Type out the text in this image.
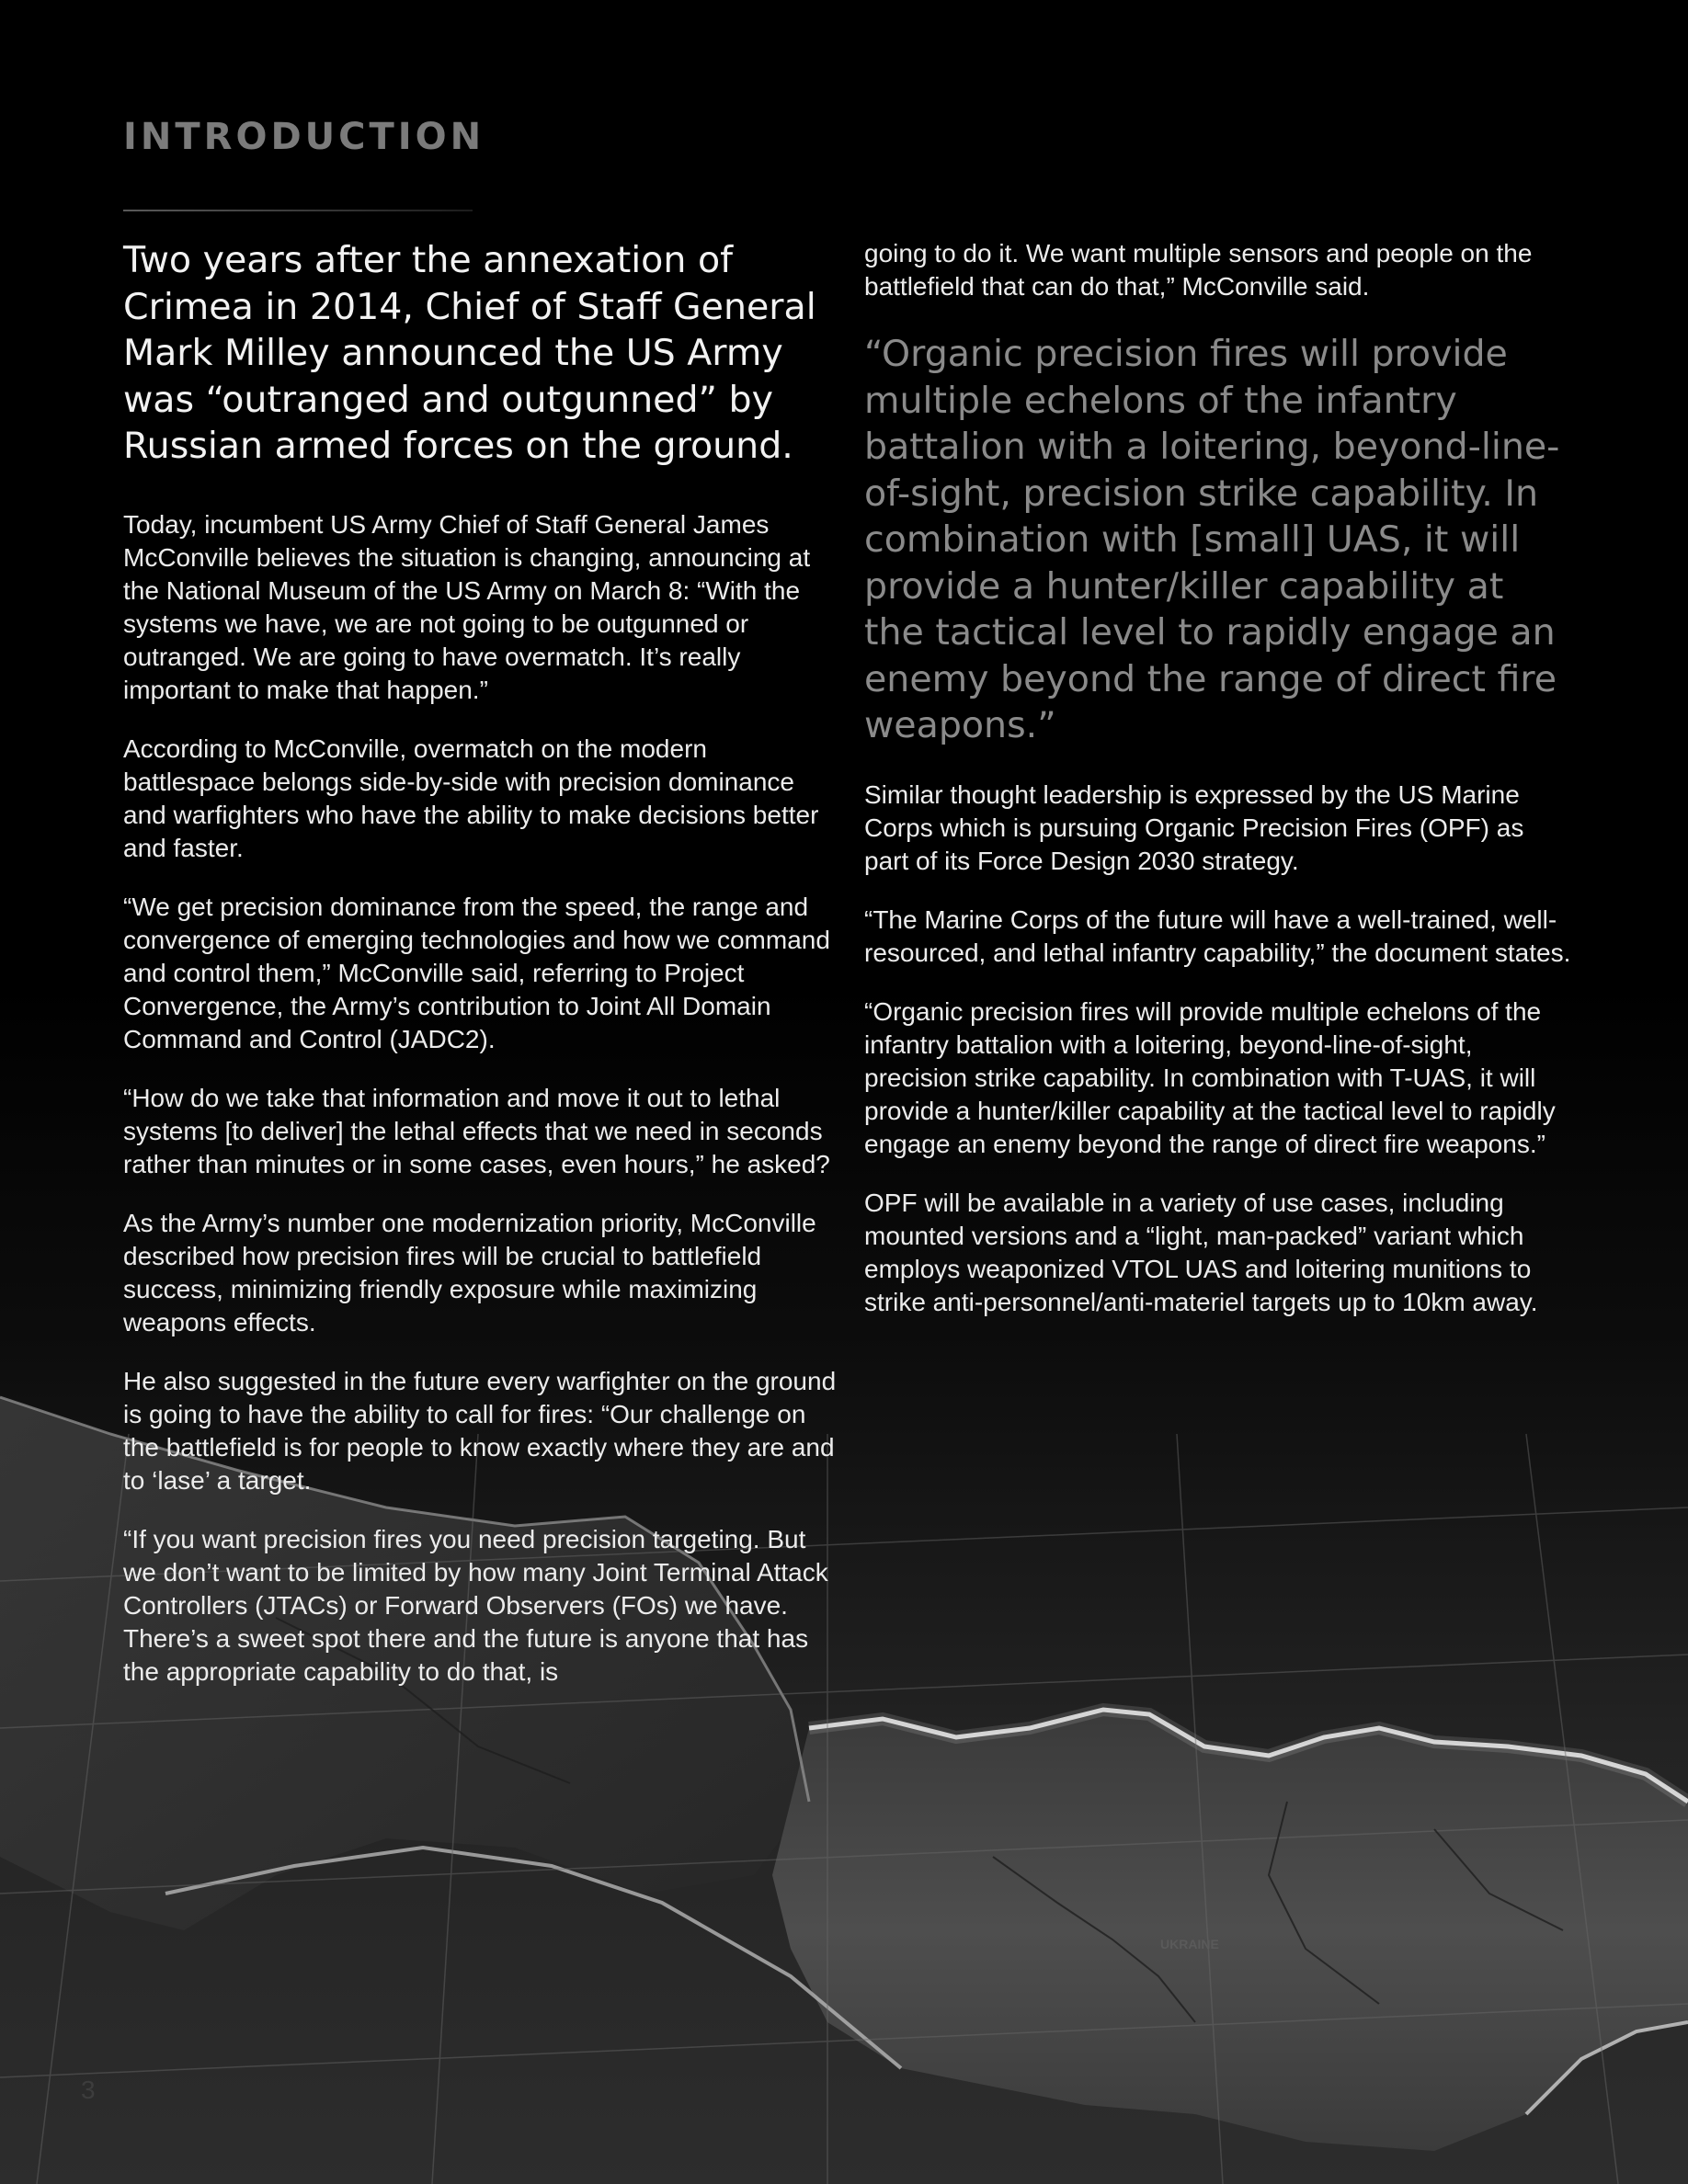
UKRAINE
INTRODUCTION

Two years after the annexation of Crimea in 2014, Chief of Staff General Mark Milley announced the US Army was “outranged and outgunned” by Russian armed forces on the ground.

Today, incumbent US Army Chief of Staff General James McConville believes the situation is changing, announcing at the National Museum of the US Army on March 8: “With the systems we have, we are not going to be outgunned or outranged. We are going to have overmatch. It’s really important to make that happen.”

According to McConville, overmatch on the modern battlespace belongs side-by-side with precision dominance and warfighters who have the ability to make decisions better and faster.

“We get precision dominance from the speed, the range and convergence of emerging technologies and how we command and control them,” McConville said, referring to Project Convergence, the Army’s contribution to Joint All Domain Command and Control (JADC2).

“How do we take that information and move it out to lethal systems [to deliver] the lethal effects that we need in seconds rather than minutes or in some cases, even hours,” he asked?

As the Army’s number one modernization priority, McConville described how precision fires will be crucial to battlefield success, minimizing friendly exposure while maximizing weapons effects.

He also suggested in the future every warfighter on the ground is going to have the ability to call for fires: “Our challenge on the battlefield is for people to know exactly where they are and to ‘lase’ a target.

“If you want precision fires you need precision targeting. But we don’t want to be limited by how many Joint Terminal Attack Controllers (JTACs) or Forward Observers (FOs) we have. There’s a sweet spot there and the future is anyone that has the appropriate capability to do that, is

going to do it. We want multiple sensors and people on the battlefield that can do that,” McConville said.

“Organic precision fires will provide multiple echelons of the infantry battalion with a loitering, beyond-line-of-sight, precision strike capability. In combination with [small] UAS, it will provide a hunter/killer capability at the tactical level to rapidly engage an enemy beyond the range of direct fire weapons.”

Similar thought leadership is expressed by the US Marine Corps which is pursuing Organic Precision Fires (OPF) as part of its Force Design 2030 strategy.

“The Marine Corps of the future will have a well-trained, well-resourced, and lethal infantry capability,” the document states.

“Organic precision fires will provide multiple echelons of the infantry battalion with a loitering, beyond-line-of-sight, precision strike capability. In combination with T-UAS, it will provide a hunter/killer capability at the tactical level to rapidly engage an enemy beyond the range of direct fire weapons.”

OPF will be available in a variety of use cases, including mounted versions and a “light, man-packed” variant which employs weaponized VTOL UAS and loitering munitions to strike anti-personnel/anti-materiel targets up to 10km away.

3
